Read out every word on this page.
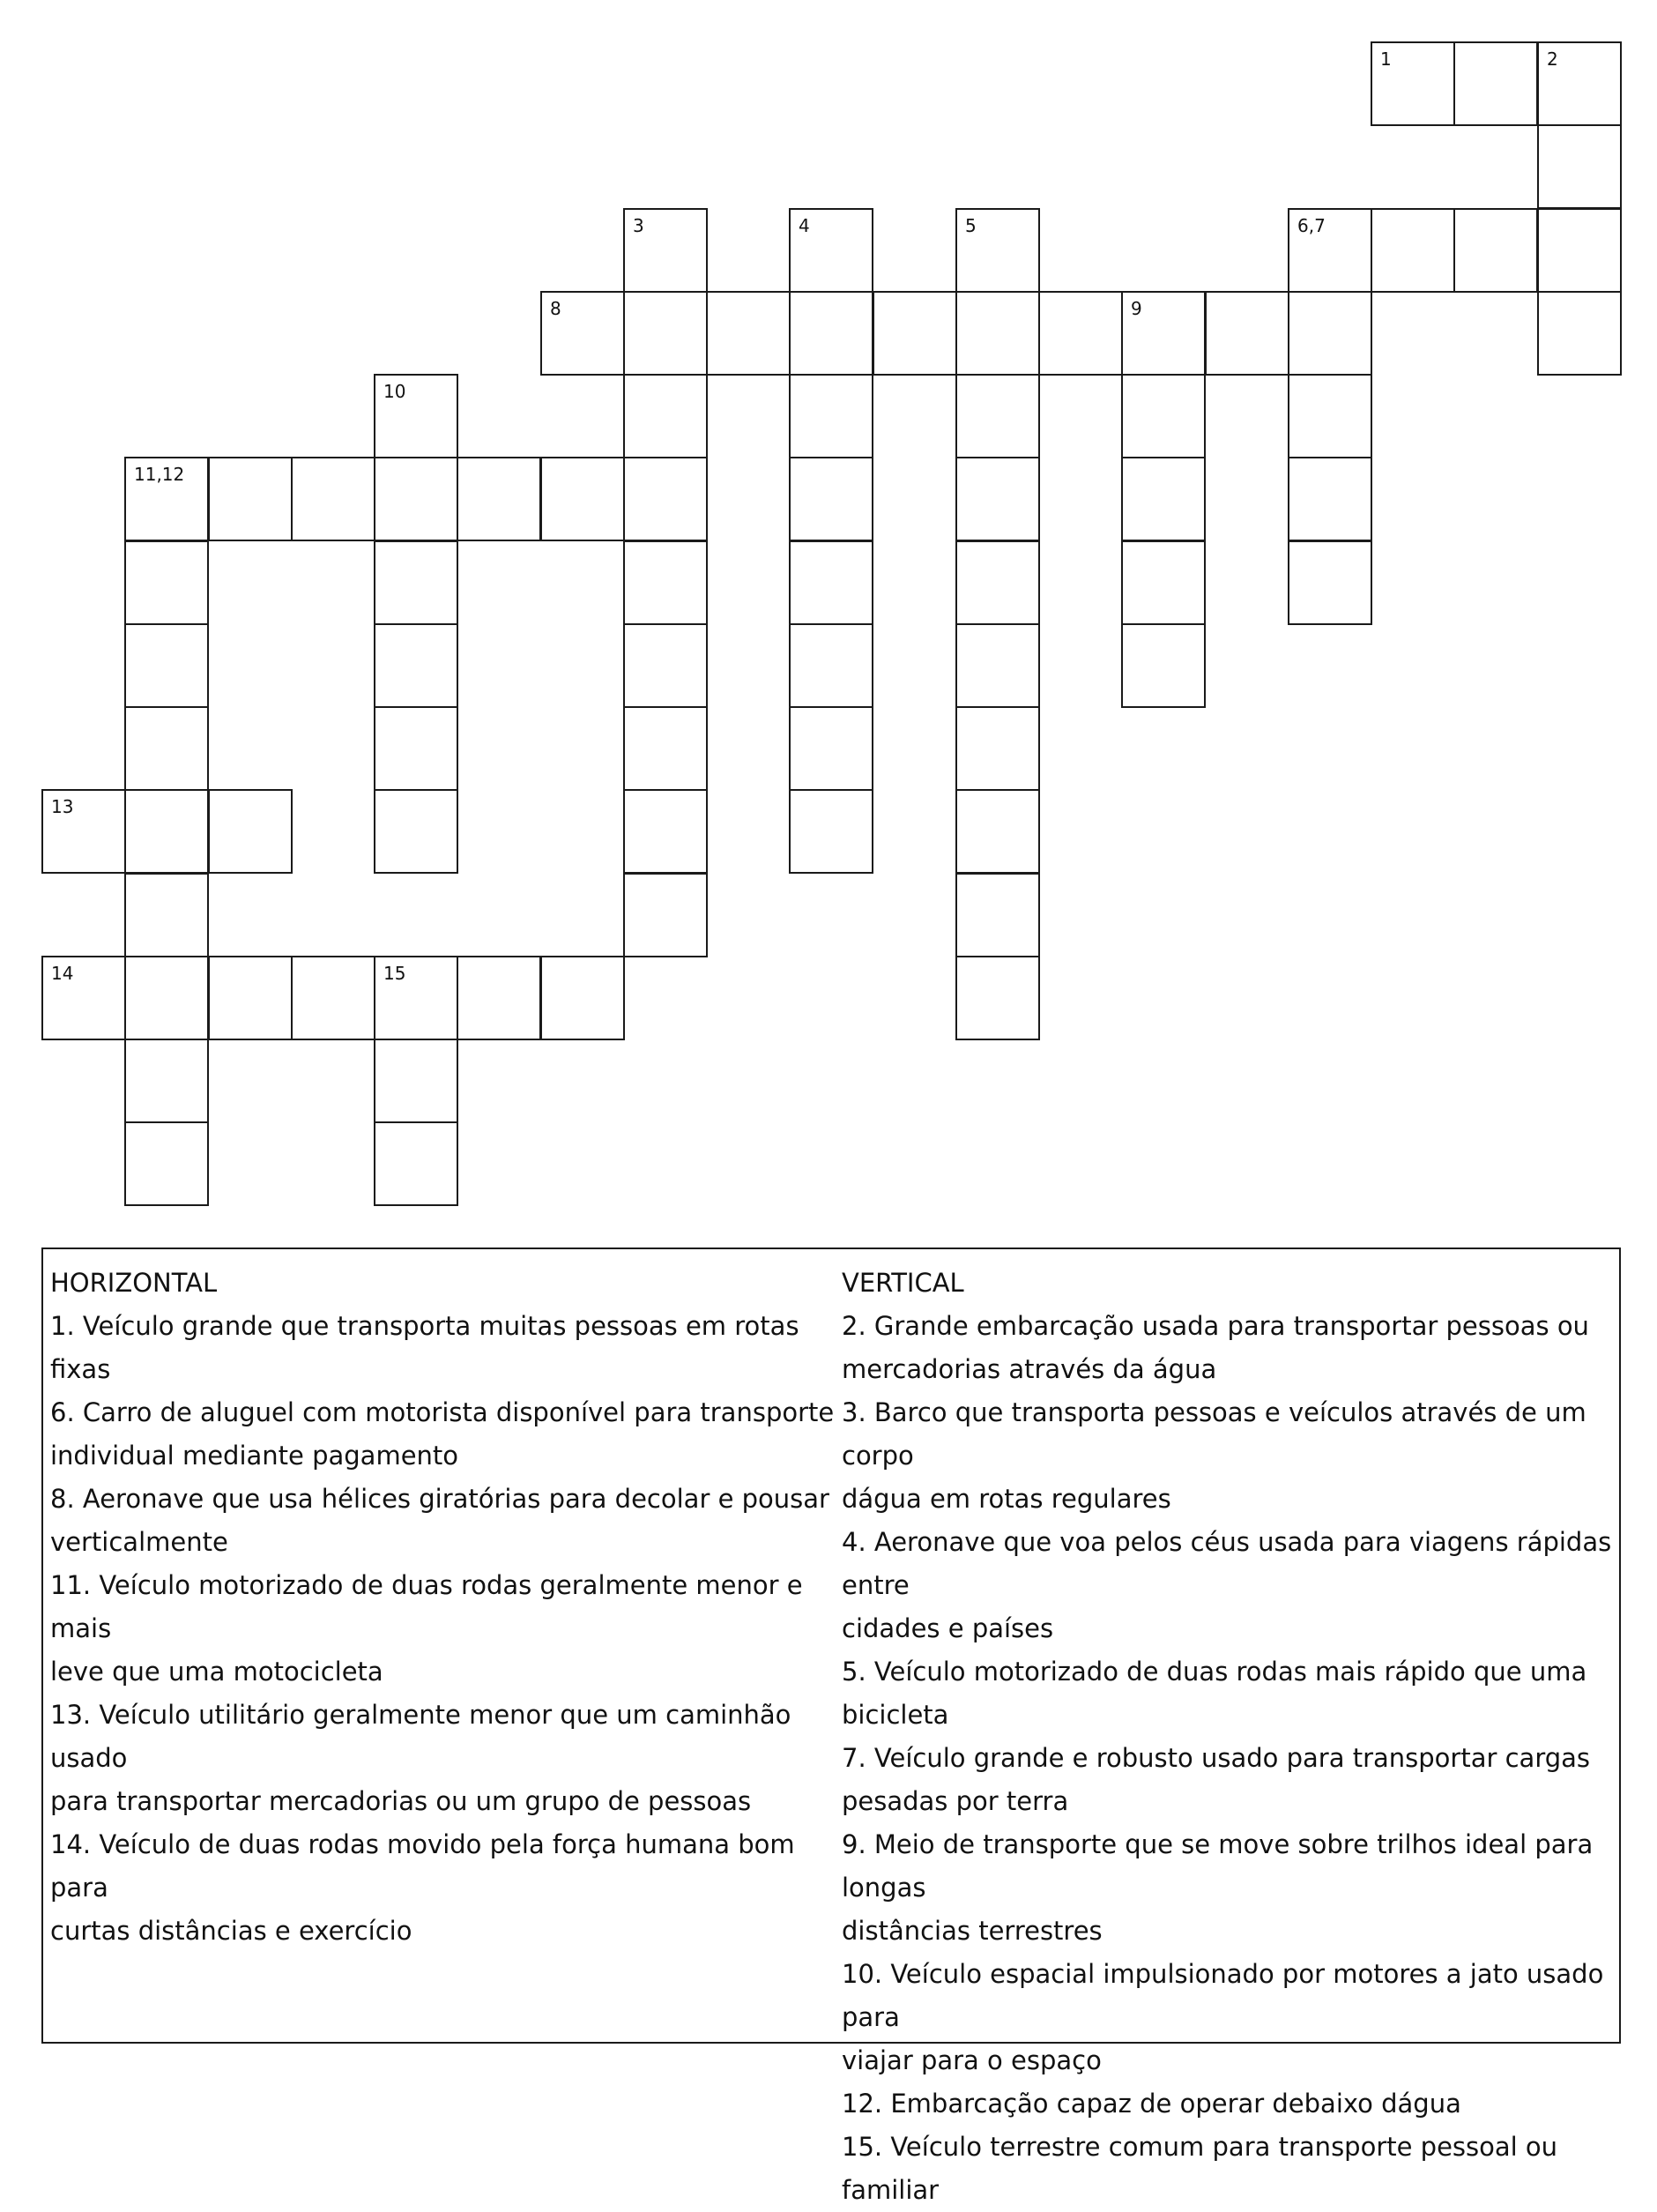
1	2
3	4	5	6,7
8	9
10
11,12
13
14	15
HORIZONTAL
1. Veículo grande que transporta muitas pessoas em rotas fixas
6. Carro de aluguel com motorista disponível para transporte
individual mediante pagamento
8. Aeronave que usa hélices giratórias para decolar e pousar
verticalmente
11. Veículo motorizado de duas rodas geralmente menor e mais
leve que uma motocicleta
13. Veículo utilitário geralmente menor que um caminhão usado
para transportar mercadorias ou um grupo de pessoas
14. Veículo de duas rodas movido pela força humana bom para
curtas distâncias e exercício
VERTICAL
2. Grande embarcação usada para transportar pessoas ou
mercadorias através da água
3. Barco que transporta pessoas e veículos através de um corpo
dágua em rotas regulares
4. Aeronave que voa pelos céus usada para viagens rápidas entre
cidades e países
5. Veículo motorizado de duas rodas mais rápido que uma
bicicleta
7. Veículo grande e robusto usado para transportar cargas
pesadas por terra
9. Meio de transporte que se move sobre trilhos ideal para longas
distâncias terrestres
10. Veículo espacial impulsionado por motores a jato usado para
viajar para o espaço
12. Embarcação capaz de operar debaixo dágua
15. Veículo terrestre comum para transporte pessoal ou familiar
